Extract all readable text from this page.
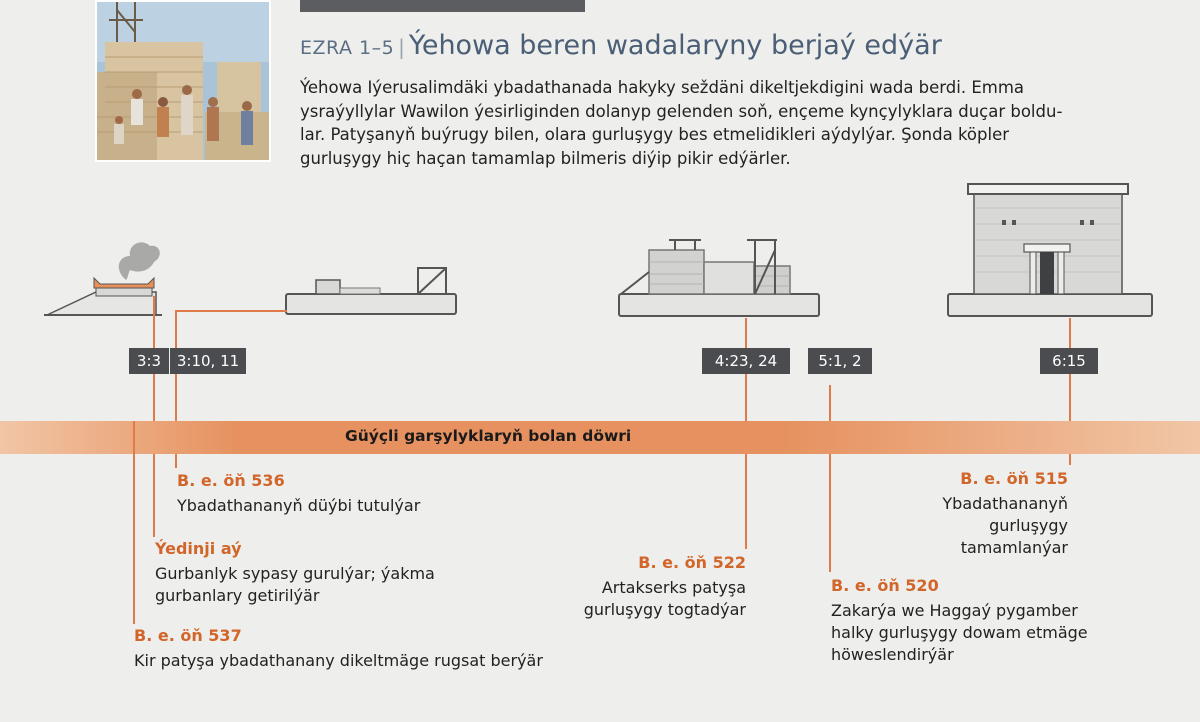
EZRA 1–5 | Ýehowa beren wadalaryny berjaý edýär
Ýehowa Iýerusalimdäki ybadathanada hakyky seždäni dikeltjekdigini wada berdi. Emma ysraýyllylar Wawilon ýesirliginden dolanyp gelenden soň, ençeme kynçylyklara duçar boldu-lar. Patyşanyň buýrugy bilen, olara gurluşygy bes etmelidikleri aýdylýar. Şonda köpler gurluşygy hiç haçan tamamlap bilmeris diýip pikir edýärler.
Güýçli garşylyklaryň bolan döwri
3:3	3:10, 11	4:23, 24	5:1, 2	6:15
B. e. öň 537
Kir patyşa ybadathanany dikeltmäge rugsat berýär
Ýedinji aý
Gurbanlyk sypasy gurulýar; ýakma gurbanlary getirilýär
B. e. öň 536
Ybadathananyň düýbi tutulýar
B. e. öň 522
Artakserks patyşa gurluşygy togtadýar
B. e. öň 520
Zakarýa we Haggaý pygamber halky gurluşygy dowam etmäge höweslendirýär
B. e. öň 515
Ybadathananyň gurluşygy tamamlanýar
